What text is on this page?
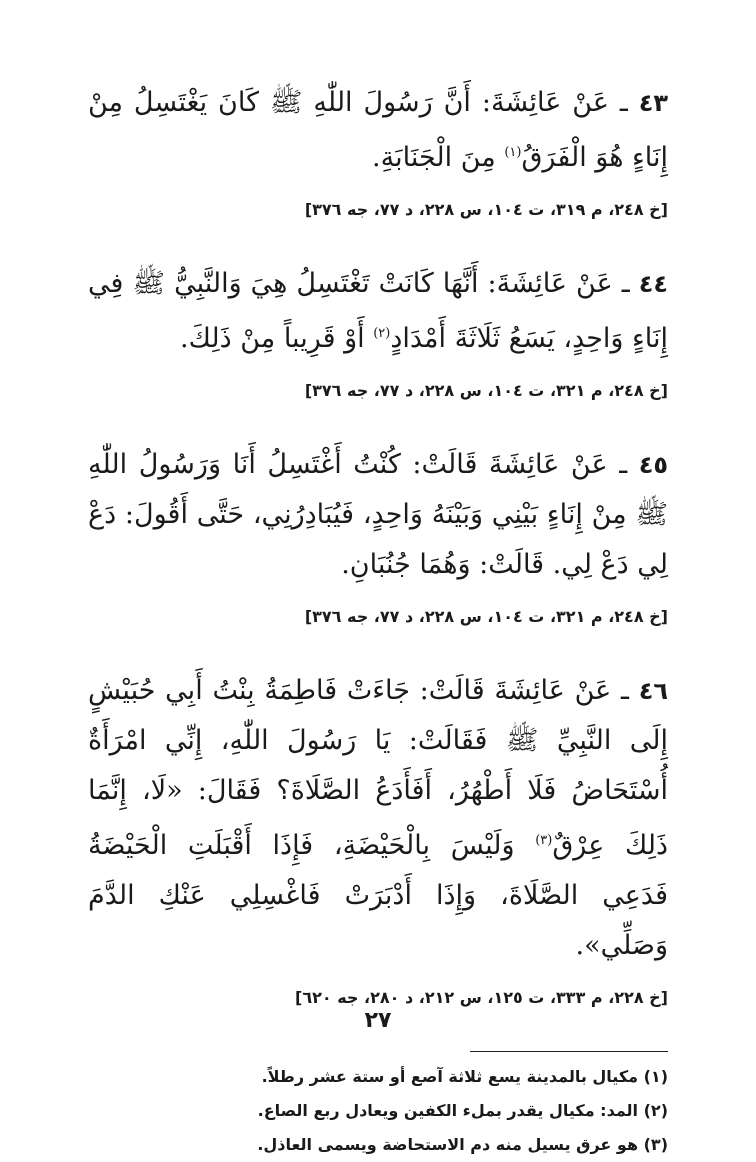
٤٣ ـ عَنْ عَائِشَةَ: أَنَّ رَسُولَ اللّٰهِ ﷺ كَانَ يَغْتَسِلُ مِنْ إِنَاءٍ هُوَ الْفَرَقُ$^{(١)}$ مِنَ الْجَنَابَةِ.

[خ ٢٤٨، م ٣١٩، ت ١٠٤، س ٢٢٨، د ٧٧، جه ٣٧٦]

٤٤ ـ عَنْ عَائِشَةَ: أَنَّهَا كَانَتْ تَغْتَسِلُ هِيَ وَالنَّبِيُّ ﷺ فِي إِنَاءٍ وَاحِدٍ، يَسَعُ ثَلَاثَةَ أَمْدَادٍ$^{(٢)}$ أَوْ قَرِيباً مِنْ ذَلِكَ.

[خ ٢٤٨، م ٣٢١، ت ١٠٤، س ٢٢٨، د ٧٧، جه ٣٧٦]

٤٥ ـ عَنْ عَائِشَةَ قَالَتْ: كُنْتُ أَغْتَسِلُ أَنَا وَرَسُولُ اللّٰهِ ﷺ مِنْ إِنَاءٍ بَيْنِي وَبَيْنَهُ وَاحِدٍ، فَيُبَادِرُنِي، حَتَّى أَقُولَ: دَعْ لِي دَعْ لِي. قَالَتْ: وَهُمَا جُنُبَانِ.

[خ ٢٤٨، م ٣٢١، ت ١٠٤، س ٢٢٨، د ٧٧، جه ٣٧٦]

٤٦ ـ عَنْ عَائِشَةَ قَالَتْ: جَاءَتْ فَاطِمَةُ بِنْتُ أَبِي حُبَيْشٍ إِلَى النَّبِيِّ ﷺ فَقَالَتْ: يَا رَسُولَ اللّٰهِ، إِنِّي امْرَأَةٌ أُسْتَحَاضُ فَلَا أَطْهُرُ، أَفَأَدَعُ الصَّلَاةَ؟ فَقَالَ: «لَا، إِنَّمَا ذَلِكَ عِرْقٌ$^{(٣)}$ وَلَيْسَ بِالْحَيْضَةِ، فَإِذَا أَقْبَلَتِ الْحَيْضَةُ فَدَعِي الصَّلَاةَ، وَإِذَا أَدْبَرَتْ فَاغْسِلِي عَنْكِ الدَّمَ وَصَلِّي».

[خ ٢٢٨، م ٣٣٣، ت ١٢٥، س ٢١٢، د ٢٨٠، جه ٦٢٠]

(١) مكيال بالمدينة يسع ثلاثة آصع أو ستة عشر رطلاً.
(٢) المد: مكيال يقدر بملء الكفين ويعادل ربع الصاع.
(٣) هو عرق يسيل منه دم الاستحاضة ويسمى العاذل.
٢٧
